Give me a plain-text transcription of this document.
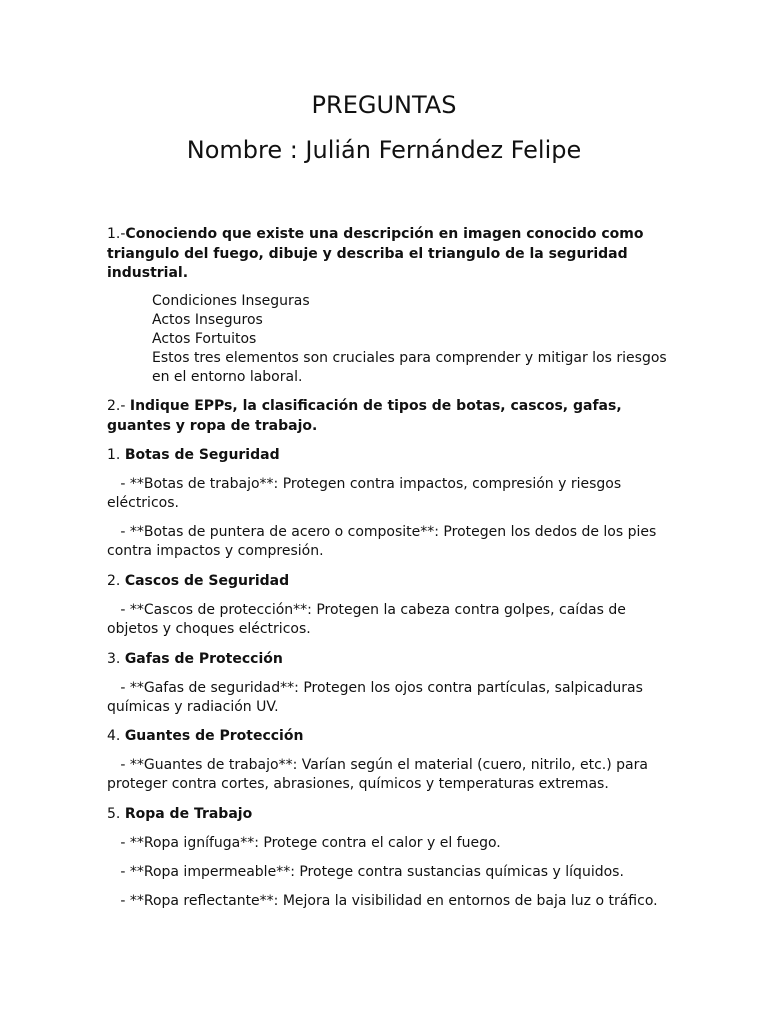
PREGUNTAS
Nombre : Julián Fernández Felipe
1.-Conociendo que existe una descripción en imagen conocido como
triangulo del fuego, dibuje y describa el triangulo de la seguridad
industrial.
Condiciones Inseguras
Actos Inseguros
Actos Fortuitos
Estos tres elementos son cruciales para comprender y mitigar los riesgos
en el entorno laboral.
2.- Indique EPPs, la clasificación de tipos de botas, cascos, gafas,
guantes y ropa de trabajo.
1. Botas de Seguridad
- **Botas de trabajo**: Protegen contra impactos, compresión y riesgos
eléctricos.
- **Botas de puntera de acero o composite**: Protegen los dedos de los pies
contra impactos y compresión.
2. Cascos de Seguridad
- **Cascos de protección**: Protegen la cabeza contra golpes, caídas de
objetos y choques eléctricos.
3. Gafas de Protección
- **Gafas de seguridad**: Protegen los ojos contra partículas, salpicaduras
químicas y radiación UV.
4. Guantes de Protección
- **Guantes de trabajo**: Varían según el material (cuero, nitrilo, etc.) para
proteger contra cortes, abrasiones, químicos y temperaturas extremas.
5. Ropa de Trabajo
- **Ropa ignífuga**: Protege contra el calor y el fuego.
- **Ropa impermeable**: Protege contra sustancias químicas y líquidos.
- **Ropa reflectante**: Mejora la visibilidad en entornos de baja luz o tráfico.
